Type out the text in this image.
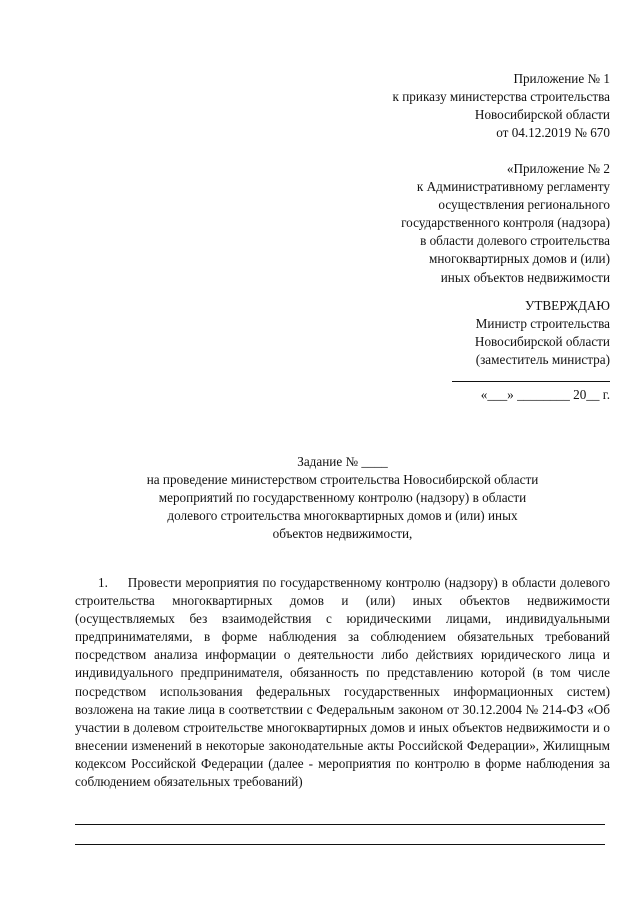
Приложение № 1
к приказу министерства строительства
Новосибирской области
от 04.12.2019 № 670
«Приложение № 2
к Административному регламенту
осуществления регионального
государственного контроля (надзора)
в области долевого строительства
многоквартирных домов и (или)
иных объектов недвижимости
УТВЕРЖДАЮ
Министр строительства
Новосибирской области
(заместитель министра)
«___» ________ 20__ г.
Задание № ____
на проведение министерством строительства Новосибирской области
мероприятий по государственному контролю (надзору) в области
долевого строительства многоквартирных домов и (или) иных
объектов недвижимости,

1. Провести мероприятия по государственному контролю (надзору) в области долевого строительства многоквартирных домов и (или) иных объектов недвижимости (осуществляемых без взаимодействия с юридическими лицами, индивидуальными предпринимателями, в форме наблюдения за соблюдением обязательных требований посредством анализа информации о деятельности либо действиях юридического лица и индивидуального предпринимателя, обязанность по представлению которой (в том числе посредством использования федеральных государственных информационных систем) возложена на такие лица в соответствии с Федеральным законом от 30.12.2004 № 214-ФЗ «Об участии в долевом строительстве многоквартирных домов и иных объектов недвижимости и о внесении изменений в некоторые законодательные акты Российской Федерации», Жилищным кодексом Российской Федерации (далее - мероприятия по контролю в форме наблюдения за соблюдением обязательных требований)
